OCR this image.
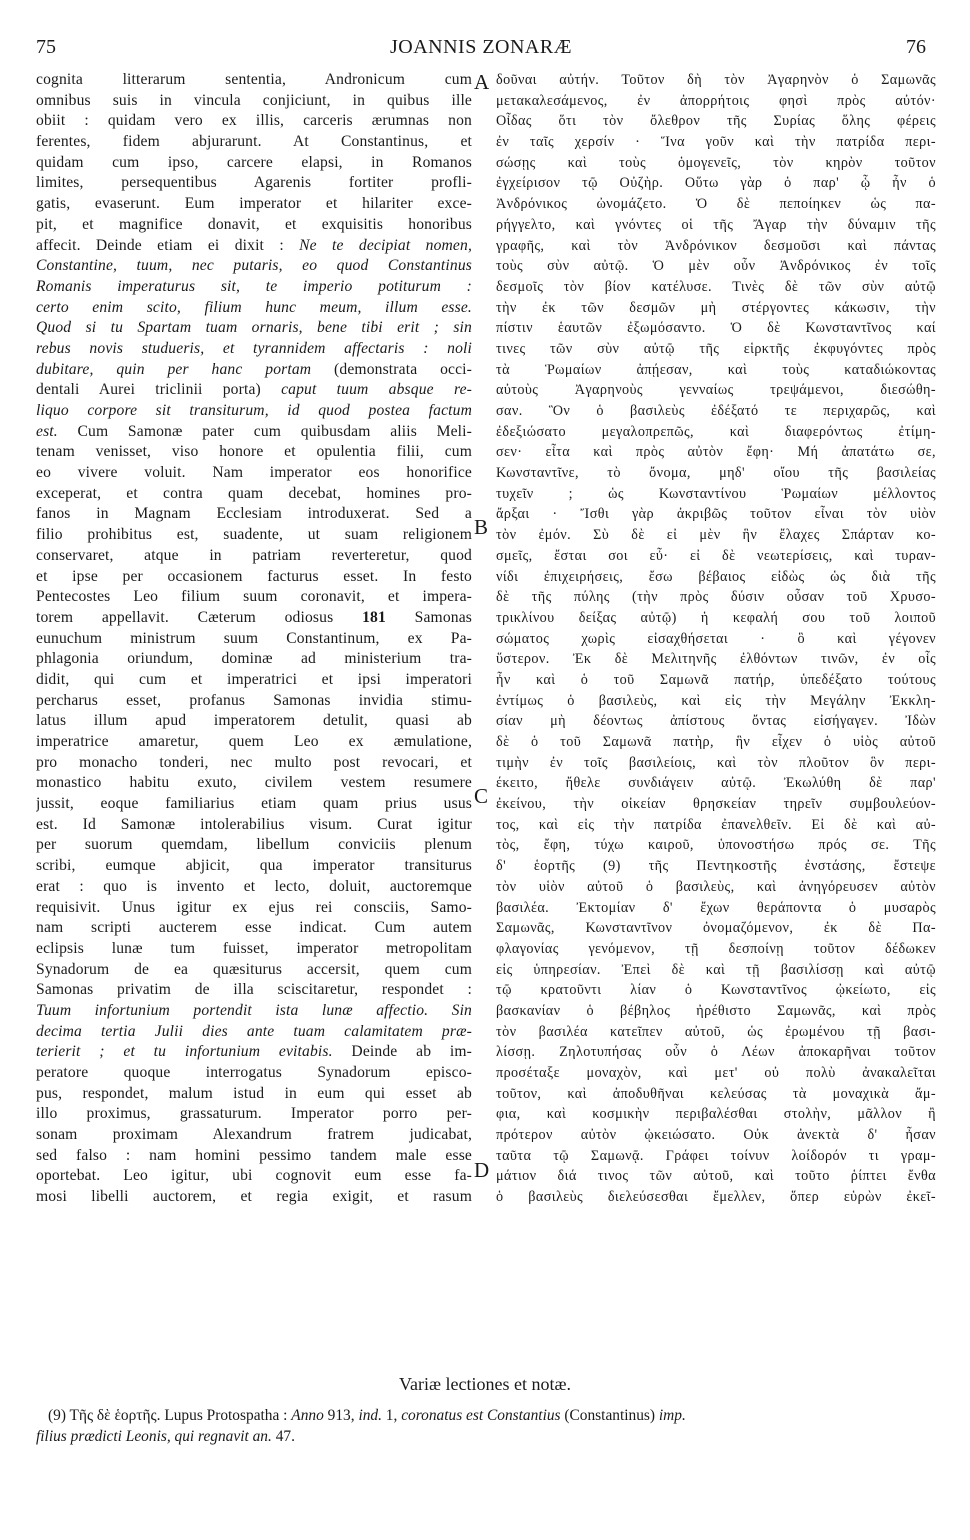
75	JOANNIS ZONARÆ	76
cognita litterarum sententia, Andronicum cum
omnibus suis in vincula conjiciunt, in quibus ille
obiit : quidam vero ex illis, carceris ærumnas non
ferentes, fidem abjurarunt. At Constantinus, et
quidam cum ipso, carcere elapsi, in Romanos
limites, persequentibus Agarenis fortiter profli-
gatis, evaserunt. Eum imperator et hilariter exce-
pit, et magnifice donavit, et exquisitis honoribus
affecit. Deinde etiam ei dixit : Ne te decipiat nomen,
Constantine, tuum, nec putaris, eo quod Constantinus
Romanis imperaturus sit, te imperio potiturum :
certo enim scito, filium hunc meum, illum esse.
Quod si tu Spartam tuam ornaris, bene tibi erit ; sin
rebus novis studueris, et tyrannidem affectaris : noli
dubitare, quin per hanc portam (demonstrata occi-
dentali Aurei triclinii porta) caput tuum absque re-
liquo corpore sit transiturum, id quod postea factum
est. Cum Samonæ pater cum quibusdam aliis Meli-
tenam venisset, viso honore et opulentia filii, cum
eo vivere voluit. Nam imperator eos honorifice
exceperat, et contra quam decebat, homines pro-
fanos in Magnam Ecclesiam introduxerat. Sed a
filio prohibitus est, suadente, ut suam religionem
conservaret, atque in patriam reverteretur, quod
et ipse per occasionem facturus esset. In festo
Pentecostes Leo filium suum coronavit, et impera-
torem appellavit. Cæterum odiosus 181 Samonas
eunuchum ministrum suum Constantinum, ex Pa-
phlagonia oriundum, dominæ ad ministerium tra-
didit, qui cum et imperatrici et ipsi imperatori
percharus esset, profanus Samonas invidia stimu-
latus illum apud imperatorem detulit, quasi ab
imperatrice amaretur, quem Leo ex æmulatione,
pro monacho tonderi, nec multo post revocari, et
monastico habitu exuto, civilem vestem resumere
jussit, eoque familiarius etiam quam prius usus
est. Id Samonæ intolerabilius visum. Curat igitur
per suorum quemdam, libellum conviciis plenum
scribi, eumque abjicit, qua imperator transiturus
erat : quo is invento et lecto, doluit, auctoremque
requisivit. Unus igitur ex ejus rei consciis, Samo-
nam scripti aucterem esse indicat. Cum autem
eclipsis lunæ tum fuisset, imperator metropolitam
Synadorum de ea quæsiturus accersit, quem cum
Samonas privatim de illa sciscitaretur, respondet :
Tuum infortunium portendit ista lunæ affectio. Sin
decima tertia Julii dies ante tuam calamitatem præ-
terierit ; et tu infortunium evitabis. Deinde ab im-
peratore quoque interrogatus Synadorum episco-
pus, respondet, malum istud in eum qui esset ab
illo proximus, grassaturum. Imperator porro per-
sonam proximam Alexandrum fratrem judicabat,
sed falso : nam homini pessimo tandem male esse
oportebat. Leo igitur, ubi cognovit eum esse fa-
mosi libelli auctorem, et regia exigit, et rasum
A
B
C
D
δοῦναι αὐτήν. Τοῦτον δὴ τὸν Ἀγαρηνὸν ὁ Σαμωνᾶς
μετακαλεσάμενος, ἐν ἀπορρήτοις φησὶ πρὸς αὐτόν·
Οἶδας ὅτι τὸν ὄλεθρον τῆς Συρίας ὅλης φέρεις
ἐν ταῖς χερσίν · Ἵνα γοῦν καὶ τὴν πατρίδα περι-
σώσῃς καὶ τοὺς ὁμογενεῖς, τὸν κηρὸν τοῦτον
ἐγχείρισον τῷ Οὐζὴρ. Οὕτω γὰρ ὁ παρ' ᾧ ἦν ὁ
Ἀνδρόνικος ὠνομάζετο. Ὁ δὲ πεποίηκεν ὡς πα-
ρήγγελτο, καὶ γνόντες οἱ τῆς Ἄγαρ τὴν δύναμιν τῆς
γραφῆς, καὶ τὸν Ἀνδρόνικον δεσμοῦσι καὶ πάντας
τοὺς σὺν αὐτῷ. Ὁ μὲν οὖν Ἀνδρόνικος ἐν τοῖς
δεσμοῖς τὸν βίον κατέλυσε. Τινὲς δὲ τῶν σὺν αὐτῷ
τὴν ἐκ τῶν δεσμῶν μὴ στέργοντες κάκωσιν, τὴν
πίστιν ἑαυτῶν ἐξωμόσαντο. Ὁ δὲ Κωνσταντῖνος καί
τινες τῶν σὺν αὐτῷ τῆς εἱρκτῆς ἐκφυγόντες πρὸς
τὰ Ῥωμαίων ἀπῄεσαν, καὶ τοὺς καταδιώκοντας
αὐτοὺς Ἀγαρηνοὺς γενναίως τρεψάμενοι, διεσώθη-
σαν. Ὃν ὁ βασιλεὺς ἐδέξατό τε περιχαρῶς, καὶ
ἐδεξιώσατο μεγαλοπρεπῶς, καὶ διαφερόντως ἐτίμη-
σεν· εἶτα καὶ πρὸς αὐτὸν ἔφη· Μή ἀπατάτω σε,
Κωνσταντῖνε, τὸ ὄνομα, μηδ' οἴου τῆς βασιλείας
τυχεῖν ; ὡς Κωνσταντίνου Ῥωμαίων μέλλοντος
ἄρξαι · Ἴσθι γὰρ ἀκριβῶς τοῦτον εἶναι τὸν υἱὸν
τὸν ἐμόν. Σὺ δὲ εἰ μὲν ἣν ἔλαχες Σπάρταν κο-
σμεῖς, ἔσται σοι εὖ· εἰ δὲ νεωτερίσεις, καὶ τυραν-
νίδι ἐπιχειρήσεις, ἔσω βέβαιος εἰδὼς ὡς διὰ τῆς
δὲ τῆς πύλης (τὴν πρὸς δύσιν οὖσαν τοῦ Χρυσο-
τρικλίνου δείξας αὐτῷ) ἡ κεφαλή σου τοῦ λοιποῦ
σώματος χωρὶς εἰσαχθήσεται · ὃ καὶ γέγονεν
ὕστερον. Ἐκ δὲ Μελιτηνῆς ἐλθόντων τινῶν, ἐν οἷς
ἦν καὶ ὁ τοῦ Σαμωνᾶ πατήρ, ὑπεδέξατο τούτους
ἐντίμως ὁ βασιλεὺς, καὶ εἰς τὴν Μεγάλην Ἐκκλη-
σίαν μὴ δέοντως ἀπίστους ὄντας εἰσήγαγεν. Ἰδὼν
δὲ ὁ τοῦ Σαμωνᾶ πατὴρ, ἣν εἶχεν ὁ υἱὸς αὐτοῦ
τιμὴν ἐν τοῖς βασιλείοις, καὶ τὸν πλοῦτον ὃν περι-
έκειτο, ἤθελε συνδιάγειν αὐτῷ. Ἐκωλύθη δὲ παρ'
ἐκείνου, τὴν οἰκείαν θρησκείαν τηρεῖν συμβουλεύον-
τος, καὶ εἰς τὴν πατρίδα ἐπανελθεῖν. Εἰ δὲ καὶ αὐ-
τὸς, ἔφη, τύχω καιροῦ, ὑπονοστήσω πρός σε. Τῆς
δ' ἑορτῆς (9) τῆς Πεντηκοστῆς ἐνστάσης, ἔστεψε
τὸν υἱὸν αὐτοῦ ὁ βασιλεὺς, καὶ ἀνηγόρευσεν αὐτὸν
βασιλέα. Ἐκτομίαν δ' ἔχων θεράποντα ὁ μυσαρὸς
Σαμωνᾶς, Κωνσταντῖνον ὀνομαζόμενον, ἐκ δὲ Πα-
φλαγονίας γενόμενον, τῇ δεσποίνῃ τοῦτον δέδωκεν
εἰς ὑπηρεσίαν. Ἐπεὶ δὲ καὶ τῇ βασιλίσσῃ καὶ αὐτῷ
τῷ κρατοῦντι λίαν ὁ Κωνσταντῖνος ᾠκείωτο, εἰς
βασκανίαν ὁ βέβηλος ἠρέθιστο Σαμωνᾶς, καὶ πρὸς
τὸν βασιλέα κατεῖπεν αὐτοῦ, ὡς ἐρωμένου τῇ βασι-
λίσσῃ. Ζηλοτυπήσας οὖν ὁ Λέων ἀποκαρῆναι τοῦτον
προσέταξε μοναχὸν, καὶ μετ' οὐ πολὺ ἀνακαλεῖται
τοῦτον, καὶ ἀποδυθῆναι κελεύσας τὰ μοναχικὰ ἄμ-
φια, καὶ κοσμικὴν περιβαλέσθαι στολὴν, μᾶλλον ἢ
πρότερον αὐτὸν ᾠκειώσατο. Οὐκ ἀνεκτὰ δ' ἦσαν
ταῦτα τῷ Σαμωνᾷ. Γράφει τοίνυν λοίδορόν τι γραμ-
μάτιον διά τινος τῶν αὐτοῦ, καὶ τοῦτο ῥίπτει ἔνθα
ὁ βασιλεὺς διελεύσεσθαι ἔμελλεν, ὅπερ εὑρὼν ἐκεῖ-
Variæ lectiones et notæ.
(9) Τῆς δὲ ἑορτῆς. Lupus Protospatha : Anno 913, ind. 1, coronatus est Constantius (Constantinus) imp.
filius prædicti Leonis, qui regnavit an. 47.
